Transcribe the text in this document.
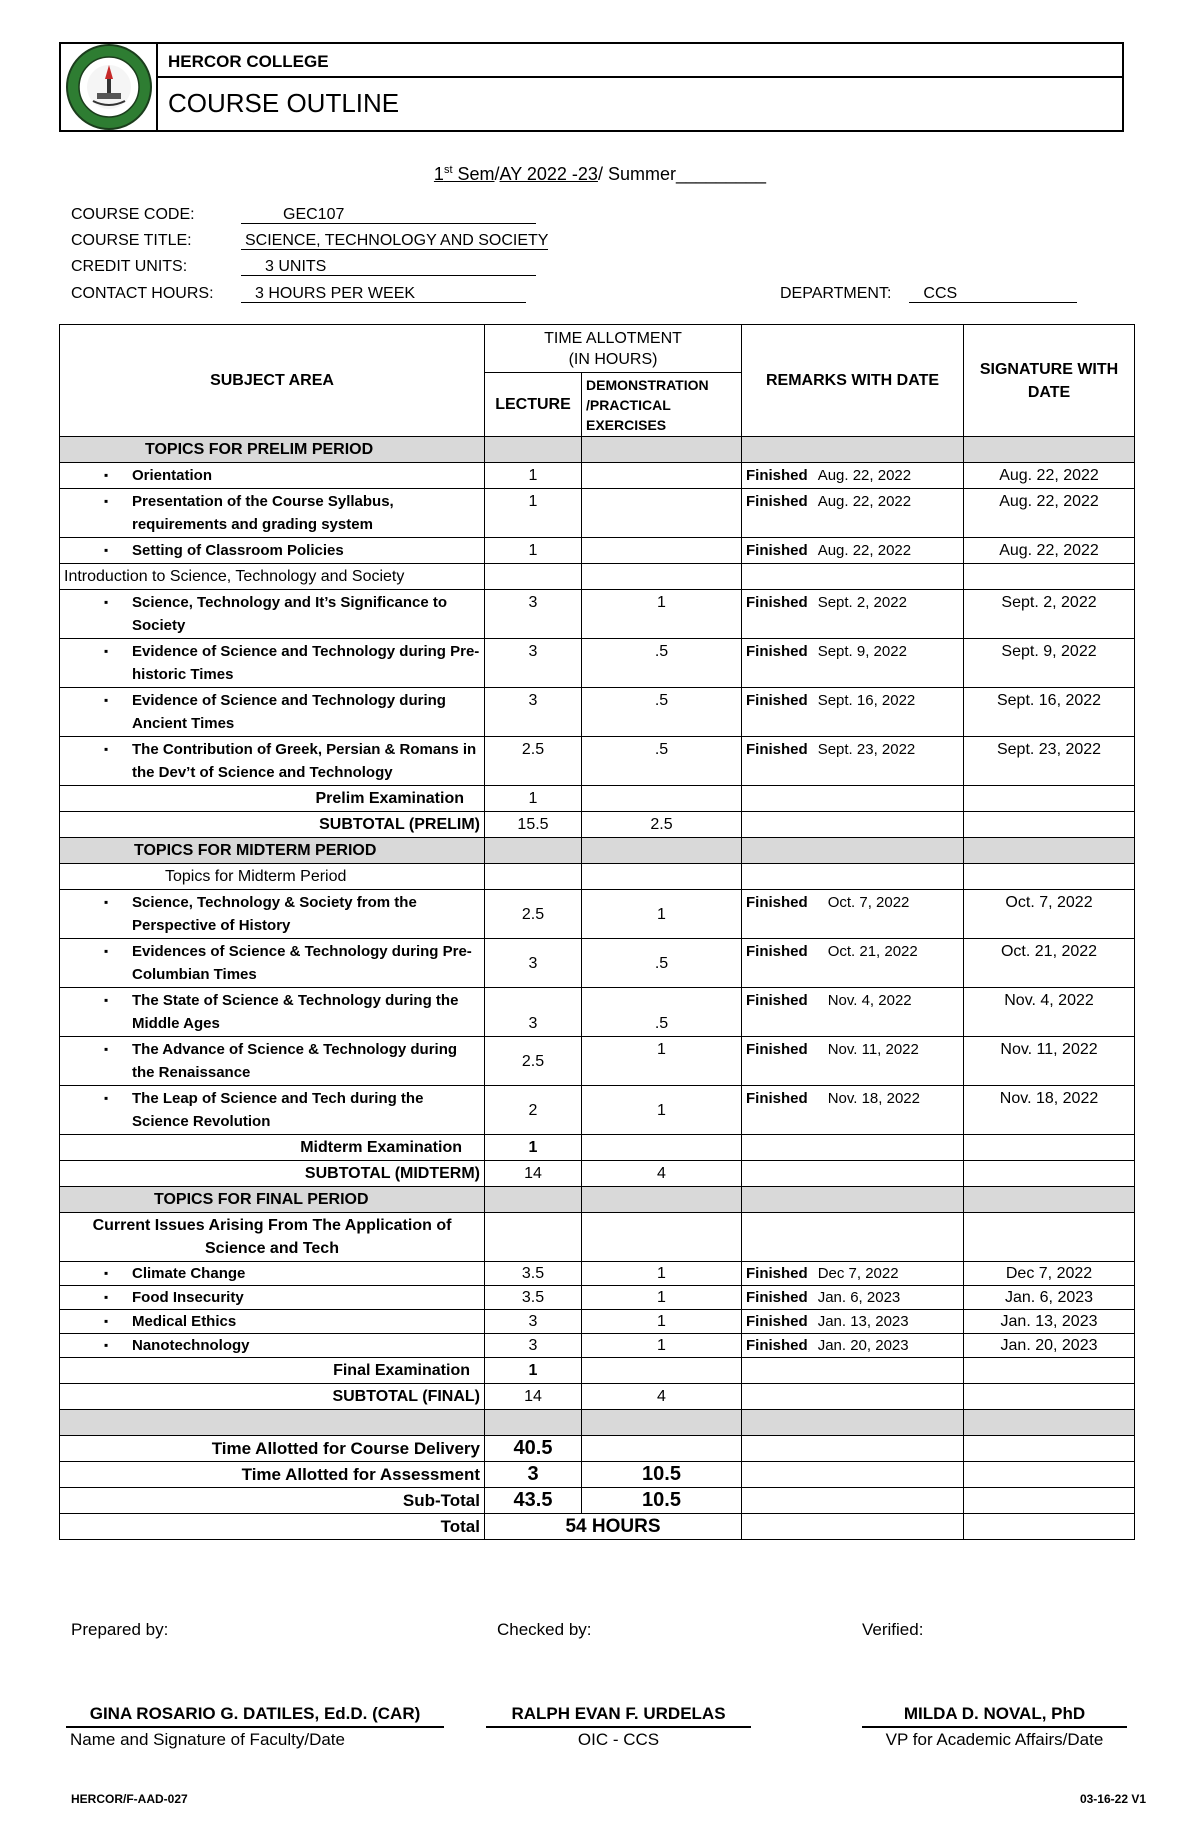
HERCOR COLLEGE
COURSE OUTLINE
1st Sem/AY 2022 -23/ Summer_________
COURSE CODE:	GEC107
COURSE TITLE:	SCIENCE, TECHNOLOGY AND SOCIETY
CREDIT UNITS:	3 UNITS
CONTACT HOURS:	3 HOURS PER WEEK	DEPARTMENT: CCS
SUBJECT AREA	TIME ALLOTMENT
(IN HOURS)		REMARKS WITH DATE	SIGNATURE WITH DATE
	LECTURE	DEMONSTRATION /PRACTICAL EXERCISES		
TOPICS FOR PRELIM PERIOD				
▪ Orientation	1		Finished Aug. 22, 2022	Aug. 22, 2022
▪ Presentation of the Course Syllabus, requirements and grading system	1		Finished Aug. 22, 2022	Aug. 22, 2022
▪ Setting of Classroom Policies	1		Finished Aug. 22, 2022	Aug. 22, 2022
Introduction to Science, Technology and Society				
▪ Science, Technology and It’s Significance to Society	3	1	Finished Sept. 2, 2022	Sept. 2, 2022
▪ Evidence of Science and Technology during Pre-historic Times	3	.5	Finished Sept. 9, 2022	Sept. 9, 2022
▪ Evidence of Science and Technology during Ancient Times	3	.5	Finished Sept. 16, 2022	Sept. 16, 2022
▪ The Contribution of Greek, Persian & Romans in the Dev’t of Science and Technology	2.5	.5	Finished Sept. 23, 2022	Sept. 23, 2022
Prelim Examination	1			
SUBTOTAL (PRELIM)	15.5	2.5		
TOPICS FOR MIDTERM PERIOD				
Topics for Midterm Period				
▪ Science, Technology & Society from the Perspective of History	2.5	1	Finished Oct. 7, 2022	Oct. 7, 2022
▪ Evidences of Science & Technology during Pre-Columbian Times	3	.5	Finished Oct. 21, 2022	Oct. 21, 2022
▪ The State of Science & Technology during the Middle Ages	3	.5	Finished Nov. 4, 2022	Nov. 4, 2022
▪ The Advance of Science & Technology during the Renaissance	2.5	1	Finished Nov. 11, 2022	Nov. 11, 2022
▪ The Leap of Science and Tech during the Science Revolution	2	1	Finished Nov. 18, 2022	Nov. 18, 2022
Midterm Examination	1			
SUBTOTAL (MIDTERM)	14	4		
TOPICS FOR FINAL PERIOD				
Current Issues Arising From The Application of Science and Tech				
▪ Climate Change	3.5	1	Finished Dec 7, 2022	Dec 7, 2022
▪ Food Insecurity	3.5	1	Finished Jan. 6, 2023	Jan. 6, 2023
▪ Medical Ethics	3	1	Finished Jan. 13, 2023	Jan. 13, 2023
▪ Nanotechnology	3	1	Finished Jan. 20, 2023	Jan. 20, 2023
Final Examination	1			
SUBTOTAL (FINAL)	14	4		

Time Allotted for Course Delivery	40.5			
Time Allotted for Assessment	3	10.5		
Sub-Total	43.5	10.5		
Total	54 HOURS			
Prepared by:	Checked by:	Verified:
GINA ROSARIO G. DATILES, Ed.D. (CAR)	RALPH EVAN F. URDELAS	MILDA D. NOVAL, PhD
Name and Signature of Faculty/Date	OIC - CCS	VP for Academic Affairs/Date
HERCOR/F-AAD-027	03-16-22 V1
